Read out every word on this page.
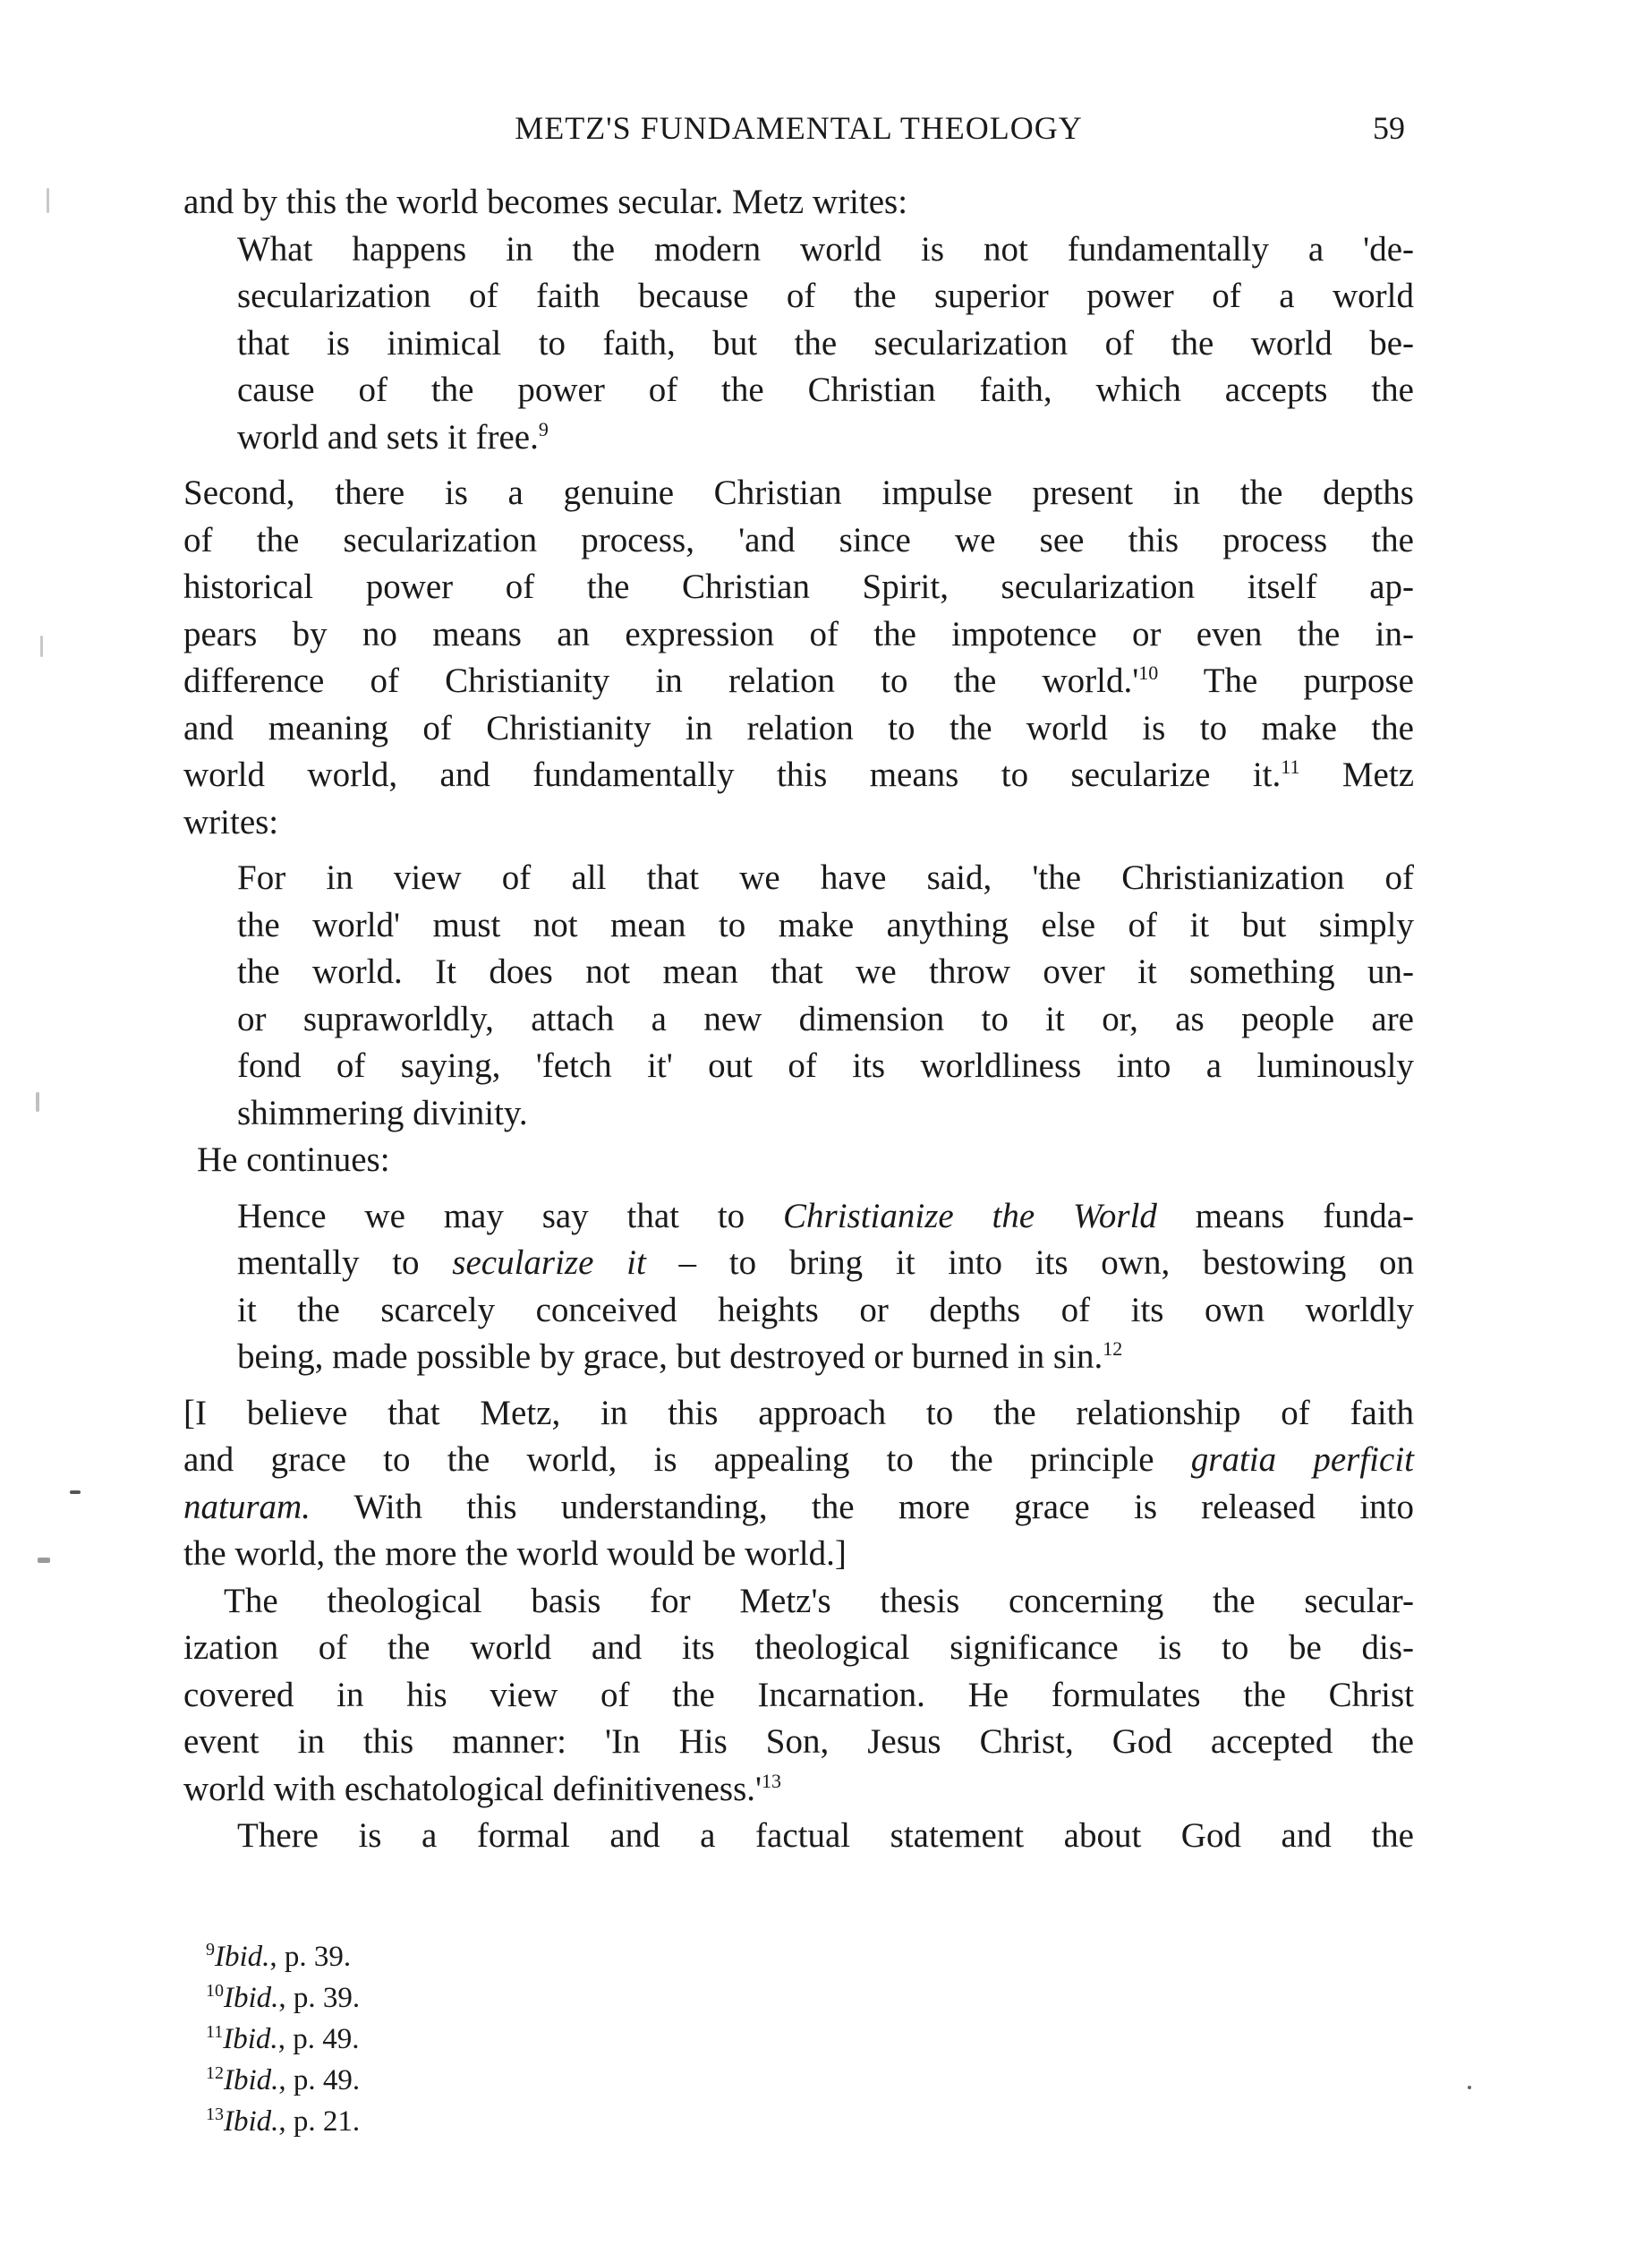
METZ'S FUNDAMENTAL THEOLOGY	59
and by this the world becomes secular. Metz writes:
What happens in the modern world is not fundamentally a 'de-
secularization of faith because of the superior power of a world
that is inimical to faith, but the secularization of the world be-
cause of the power of the Christian faith, which accepts the
world and sets it free.$^9$
Second, there is a genuine Christian impulse present in the depths
of the secularization process, 'and since we see this process the
historical power of the Christian Spirit, secularization itself ap-
pears by no means an expression of the impotence or even the in-
difference of Christianity in relation to the $world.'^{10}$ The purpose
and meaning of Christianity in relation to the world is to make the
world world, and fundamentally this means to secularize it.$^{11}$ Metz
writes:
For in view of all that we have said, 'the Christianization of
the world' must not mean to make anything else of it but simply
the world. It does not mean that we throw over it something un-
or supraworldly, attach a new dimension to it or, as people are
fond of saying, 'fetch it' out of its worldliness into a luminously
shimmering divinity.
He continues:
Hence we may say that to Christianize the World means funda-
mentally to secularize it – to bring it into its own, bestowing on
it the scarcely conceived heights or depths of its own worldly
being, made possible by grace, but destroyed or burned in sin.$^{12}$
[I believe that Metz, in this approach to the relationship of faith
and grace to the world, is appealing to the principle gratia perficit
naturam. With this understanding, the more grace is released into
the world, the more the world would be world.]
The theological basis for Metz's thesis concerning the secular-
ization of the world and its theological significance is to be dis-
covered in his view of the Incarnation. He formulates the Christ
event in this manner: 'In His Son, Jesus Christ, God accepted the
world with eschatological $definitiveness.'^{13}$
There is a formal and a factual statement about God and the
$^9$Ibid., p. 39.
$^{10}$Ibid., p. 39.
$^{11}$Ibid., p. 49.
$^{12}$Ibid., p. 49.
$^{13}$Ibid., p. 21.
